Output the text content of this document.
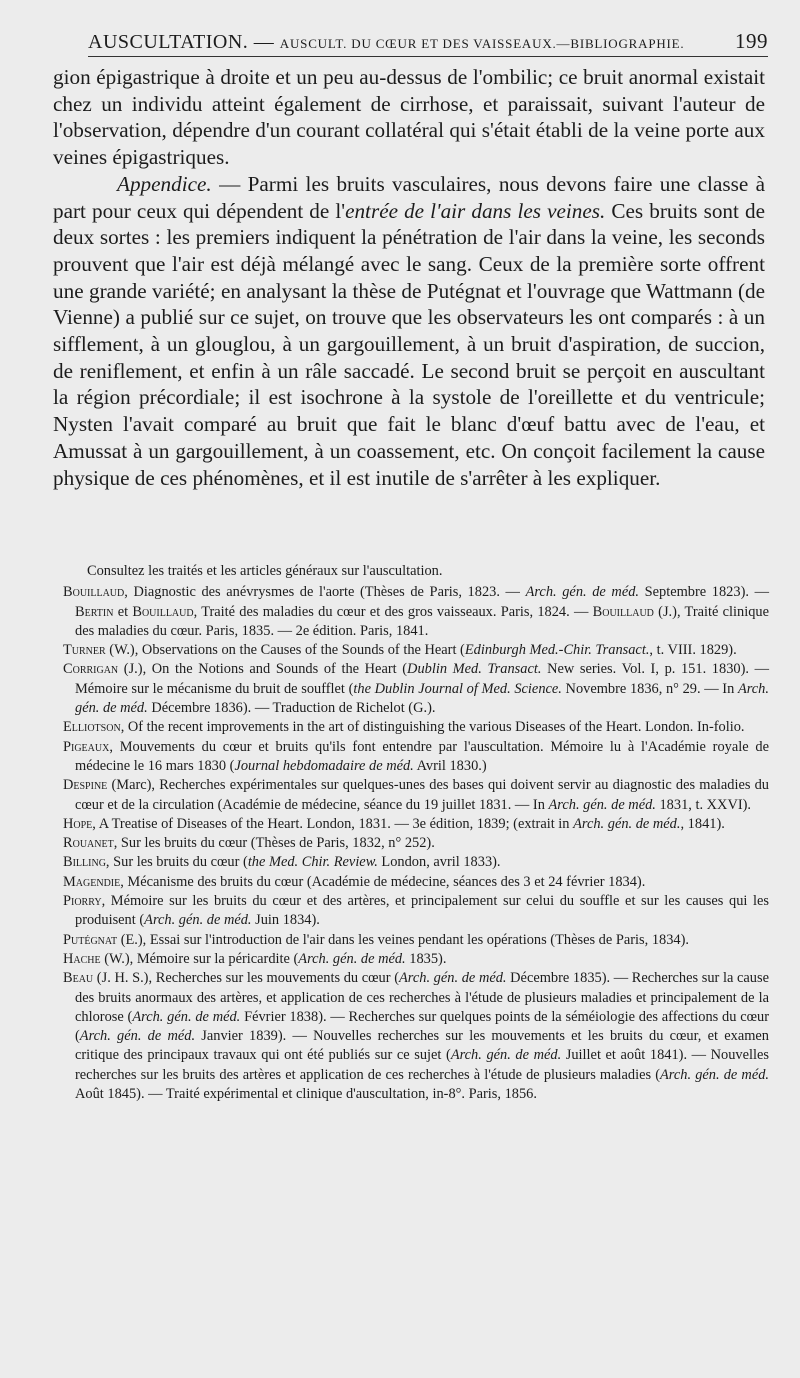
AUSCULTATION. — AUSCULT. DU CŒUR ET DES VAISSEAUX.—BIBLIOGRAPHIE. 199

gion épigastrique à droite et un peu au-dessus de l'ombilic; ce bruit anormal existait chez un individu atteint également de cirrhose, et paraissait, suivant l'auteur de l'observation, dépendre d'un courant collatéral qui s'était établi de la veine porte aux veines épigastriques.

Appendice. — Parmi les bruits vasculaires, nous devons faire une classe à part pour ceux qui dépendent de l'entrée de l'air dans les veines. Ces bruits sont de deux sortes : les premiers indiquent la pénétration de l'air dans la veine, les seconds prouvent que l'air est déjà mélangé avec le sang. Ceux de la première sorte offrent une grande variété; en analysant la thèse de Putégnat et l'ouvrage que Wattmann (de Vienne) a publié sur ce sujet, on trouve que les observateurs les ont comparés : à un sifflement, à un glouglou, à un gargouillement, à un bruit d'aspiration, de succion, de reniflement, et enfin à un râle saccadé. Le second bruit se perçoit en auscultant la région précordiale; il est isochrone à la systole de l'oreillette et du ventricule; Nysten l'avait comparé au bruit que fait le blanc d'œuf battu avec de l'eau, et Amussat à un gargouillement, à un coassement, etc. On conçoit facilement la cause physique de ces phénomènes, et il est inutile de s'arrêter à les expliquer.

Consultez les traités et les articles généraux sur l'auscultation.

Bouillaud, Diagnostic des anévrysmes de l'aorte (Thèses de Paris, 1823. — Arch. gén. de méd. Septembre 1823). — Bertin et Bouillaud, Traité des maladies du cœur et des gros vaisseaux. Paris, 1824. — Bouillaud (J.), Traité clinique des maladies du cœur. Paris, 1835. — 2e édition. Paris, 1841.

Turner (W.), Observations on the Causes of the Sounds of the Heart (Edinburgh Med.-Chir. Transact., t. VIII. 1829).

Corrigan (J.), On the Notions and Sounds of the Heart (Dublin Med. Transact. New series. Vol. I, p. 151. 1830). — Mémoire sur le mécanisme du bruit de soufflet (the Dublin Journal of Med. Science. Novembre 1836, n° 29. — In Arch. gén. de méd. Décembre 1836). — Traduction de Richelot (G.).

Elliotson, Of the recent improvements in the art of distinguishing the various Diseases of the Heart. London. In-folio.

Pigeaux, Mouvements du cœur et bruits qu'ils font entendre par l'auscultation. Mémoire lu à l'Académie royale de médecine le 16 mars 1830 (Journal hebdomadaire de méd. Avril 1830.)

Despine (Marc), Recherches expérimentales sur quelques-unes des bases qui doivent servir au diagnostic des maladies du cœur et de la circulation (Académie de médecine, séance du 19 juillet 1831. — In Arch. gén. de méd. 1831, t. XXVI).

Hope, A Treatise of Diseases of the Heart. London, 1831. — 3e édition, 1839; (extrait in Arch. gén. de méd., 1841).

Rouanet, Sur les bruits du cœur (Thèses de Paris, 1832, n° 252).

Billing, Sur les bruits du cœur (the Med. Chir. Review. London, avril 1833).

Magendie, Mécanisme des bruits du cœur (Académie de médecine, séances des 3 et 24 février 1834).

Piorry, Mémoire sur les bruits du cœur et des artères, et principalement sur celui du souffle et sur les causes qui les produisent (Arch. gén. de méd. Juin 1834).

Putégnat (E.), Essai sur l'introduction de l'air dans les veines pendant les opérations (Thèses de Paris, 1834).

Hache (W.), Mémoire sur la péricardite (Arch. gén. de méd. 1835).

Beau (J. H. S.), Recherches sur les mouvements du cœur (Arch. gén. de méd. Décembre 1835). — Recherches sur la cause des bruits anormaux des artères, et application de ces recherches à l'étude de plusieurs maladies et principalement de la chlorose (Arch. gén. de méd. Février 1838). — Recherches sur quelques points de la séméiologie des affections du cœur (Arch. gén. de méd. Janvier 1839). — Nouvelles recherches sur les mouvements et les bruits du cœur, et examen critique des principaux travaux qui ont été publiés sur ce sujet (Arch. gén. de méd. Juillet et août 1841). — Nouvelles recherches sur les bruits des artères et application de ces recherches à l'étude de plusieurs maladies (Arch. gén. de méd. Août 1845). — Traité expérimental et clinique d'auscultation, in-8°. Paris, 1856.
